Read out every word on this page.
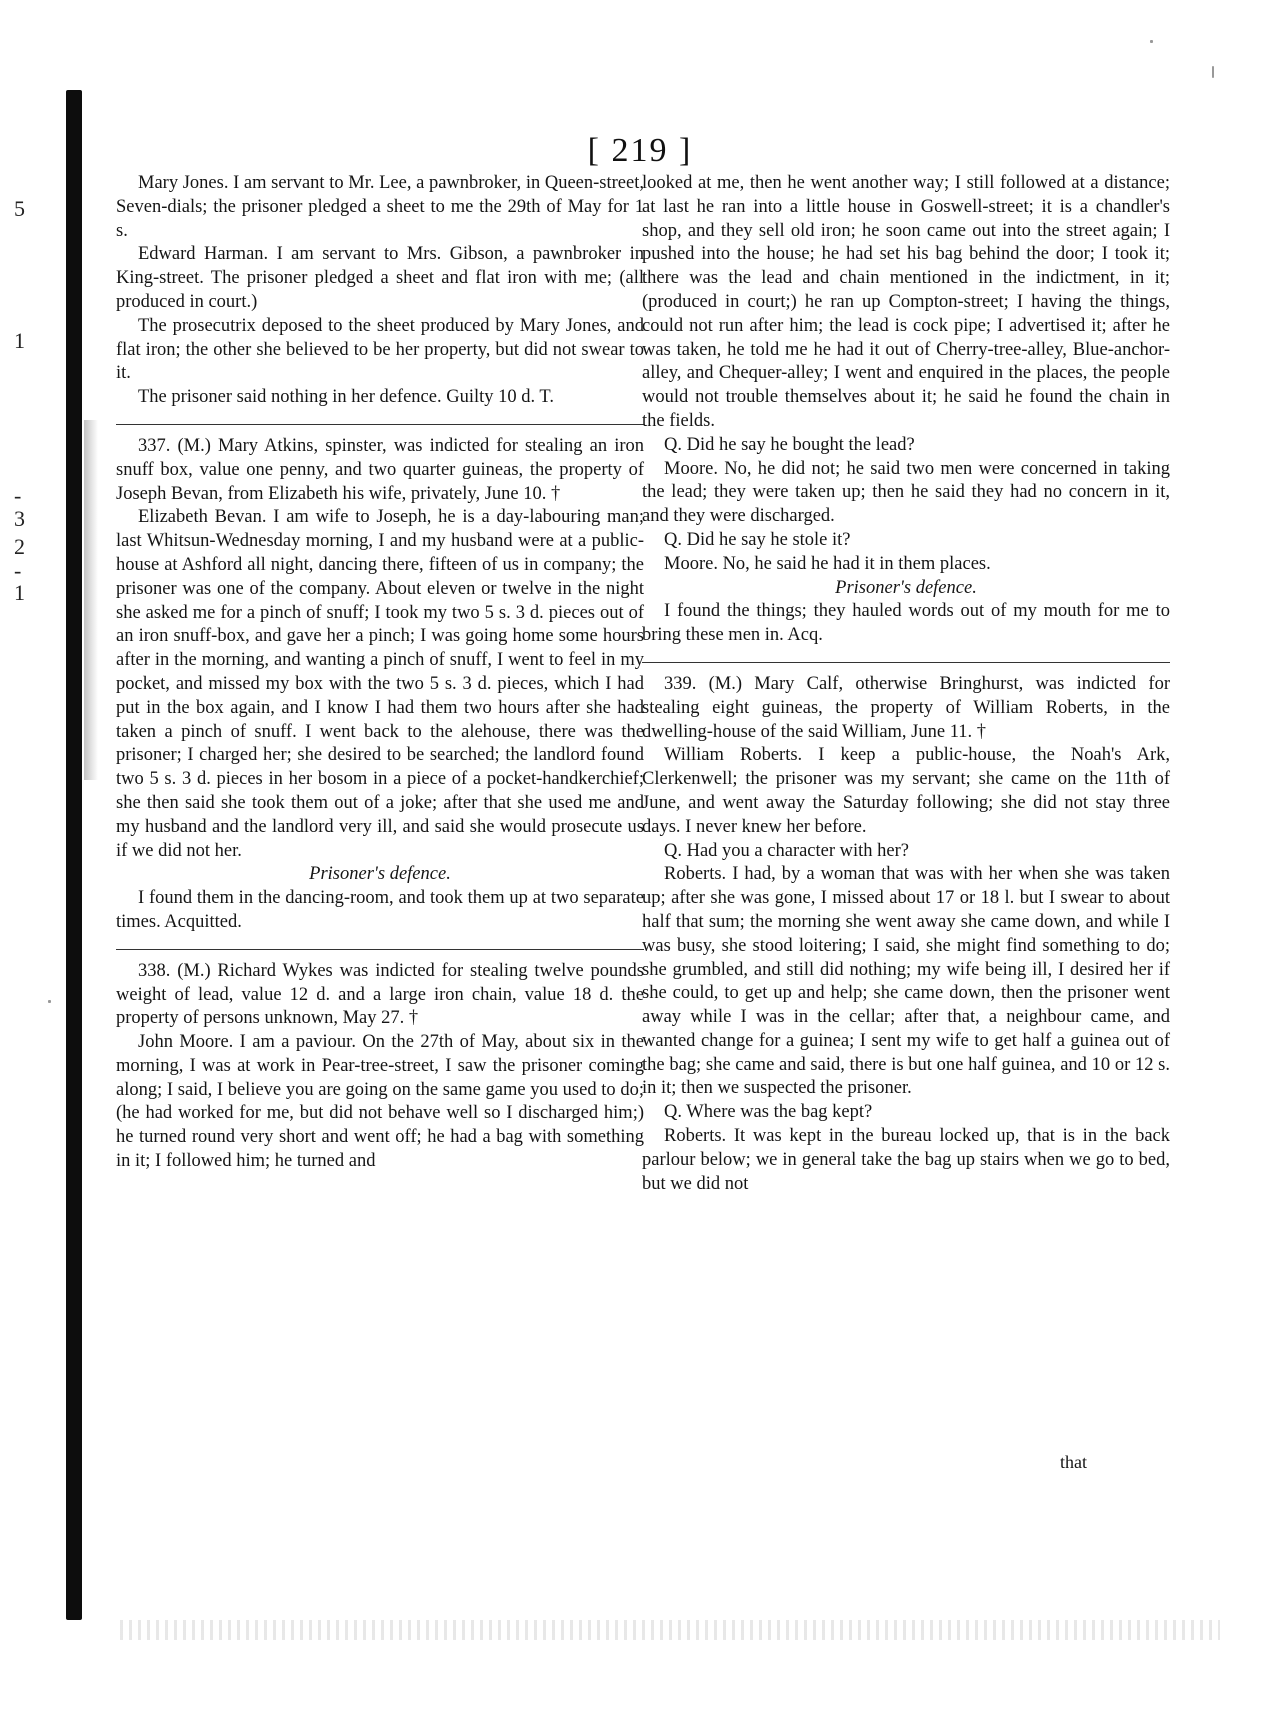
5
1
-
3
2
-
1
[ 219 ]

Mary Jones. I am servant to Mr. Lee, a pawnbroker, in Queen-street, Seven-dials; the prisoner pledged a sheet to me the 29th of May for 1 s.

Edward Harman. I am servant to Mrs. Gibson, a pawnbroker in King-street. The prisoner pledged a sheet and flat iron with me; (all produced in court.)

The prosecutrix deposed to the sheet produced by Mary Jones, and flat iron; the other she believed to be her property, but did not swear to it.

The prisoner said nothing in her defence. Guilty 10 d. T.

337. (M.) Mary Atkins, spinster, was indicted for stealing an iron snuff box, value one penny, and two quarter guineas, the property of Joseph Bevan, from Elizabeth his wife, privately, June 10. †

Elizabeth Bevan. I am wife to Joseph, he is a day-labouring man; last Whitsun-Wednesday morning, I and my husband were at a public-house at Ashford all night, dancing there, fifteen of us in company; the prisoner was one of the company. About eleven or twelve in the night she asked me for a pinch of snuff; I took my two 5 s. 3 d. pieces out of an iron snuff-box, and gave her a pinch; I was going home some hours after in the morning, and wanting a pinch of snuff, I went to feel in my pocket, and missed my box with the two 5 s. 3 d. pieces, which I had put in the box again, and I know I had them two hours after she had taken a pinch of snuff. I went back to the alehouse, there was the prisoner; I charged her; she desired to be searched; the landlord found two 5 s. 3 d. pieces in her bosom in a piece of a pocket-handkerchief; she then said she took them out of a joke; after that she used me and my husband and the landlord very ill, and said she would prosecute us if we did not her.

Prisoner's defence.

I found them in the dancing-room, and took them up at two separate times. Acquitted.

338. (M.) Richard Wykes was indicted for stealing twelve pounds weight of lead, value 12 d. and a large iron chain, value 18 d. the property of persons unknown, May 27. †

John Moore. I am a paviour. On the 27th of May, about six in the morning, I was at work in Pear-tree-street, I saw the prisoner coming along; I said, I believe you are going on the same game you used to do; (he had worked for me, but did not behave well so I discharged him;) he turned round very short and went off; he had a bag with something in it; I followed him; he turned and

looked at me, then he went another way; I still followed at a distance; at last he ran into a little house in Goswell-street; it is a chandler's shop, and they sell old iron; he soon came out into the street again; I pushed into the house; he had set his bag behind the door; I took it; there was the lead and chain mentioned in the indictment, in it; (produced in court;) he ran up Compton-street; I having the things, could not run after him; the lead is cock pipe; I advertised it; after he was taken, he told me he had it out of Cherry-tree-alley, Blue-anchor-alley, and Chequer-alley; I went and enquired in the places, the people would not trouble themselves about it; he said he found the chain in the fields.

Q. Did he say he bought the lead?

Moore. No, he did not; he said two men were concerned in taking the lead; they were taken up; then he said they had no concern in it, and they were discharged.

Q. Did he say he stole it?

Moore. No, he said he had it in them places.

Prisoner's defence.

I found the things; they hauled words out of my mouth for me to bring these men in. Acq.

339. (M.) Mary Calf, otherwise Bringhurst, was indicted for stealing eight guineas, the property of William Roberts, in the dwelling-house of the said William, June 11. †

William Roberts. I keep a public-house, the Noah's Ark, Clerkenwell; the prisoner was my servant; she came on the 11th of June, and went away the Saturday following; she did not stay three days. I never knew her before.

Q. Had you a character with her?

Roberts. I had, by a woman that was with her when she was taken up; after she was gone, I missed about 17 or 18 l. but I swear to about half that sum; the morning she went away she came down, and while I was busy, she stood loitering; I said, she might find something to do; she grumbled, and still did nothing; my wife being ill, I desired her if she could, to get up and help; she came down, then the prisoner went away while I was in the cellar; after that, a neighbour came, and wanted change for a guinea; I sent my wife to get half a guinea out of the bag; she came and said, there is but one half guinea, and 10 or 12 s. in it; then we suspected the prisoner.

Q. Where was the bag kept?

Roberts. It was kept in the bureau locked up, that is in the back parlour below; we in general take the bag up stairs when we go to bed, but we did not

that
